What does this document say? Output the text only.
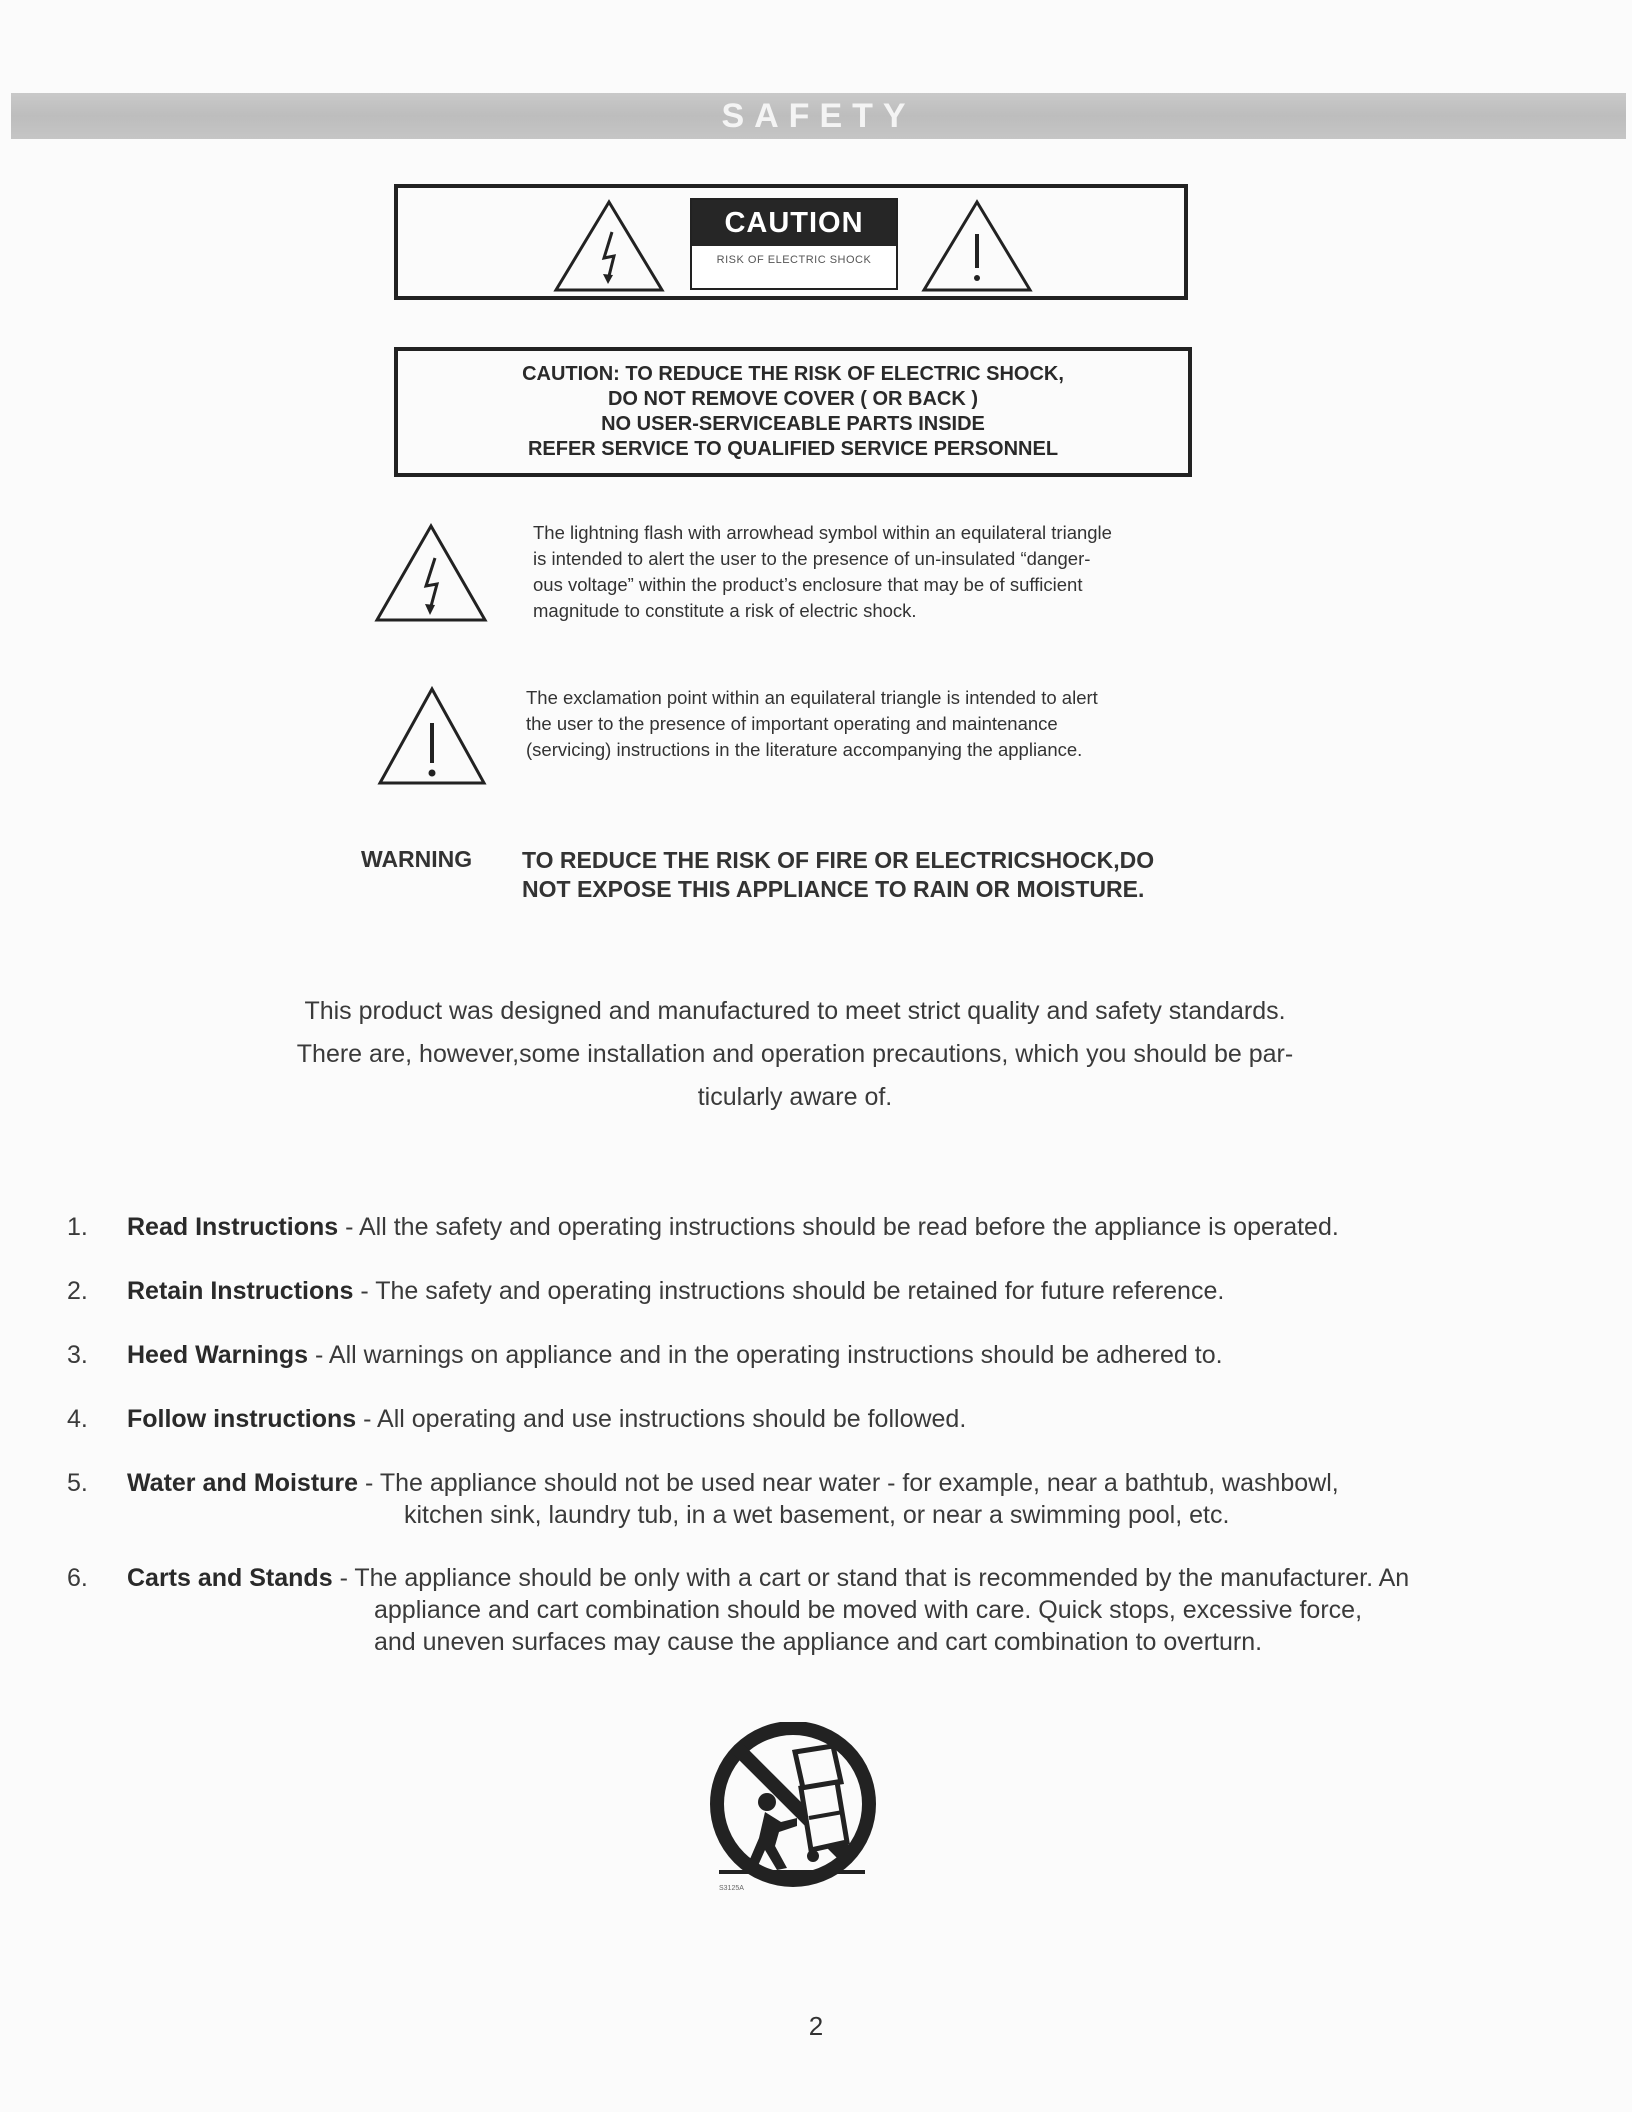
SAFETY
CAUTION
RISK OF ELECTRIC SHOCK
CAUTION: TO REDUCE THE RISK OF ELECTRIC SHOCK,
DO NOT REMOVE COVER ( OR BACK )
NO USER-SERVICEABLE PARTS INSIDE
REFER SERVICE TO QUALIFIED SERVICE PERSONNEL
The lightning flash with arrowhead symbol within an equilateral triangle
is intended to alert the user to the presence of un-insulated “danger-
ous voltage” within the product’s enclosure that may be of sufficient
magnitude to constitute a risk of electric shock.
The exclamation point within an equilateral triangle is intended to alert
the user to the presence of important operating and maintenance
(servicing) instructions in the literature accompanying the appliance.
WARNING TO REDUCE THE RISK OF FIRE OR ELECTRICSHOCK,DO
NOT EXPOSE THIS APPLIANCE TO RAIN OR MOISTURE.
This product was designed and manufactured to meet strict quality and safety standards.
There are, however,some installation and operation precautions, which you should be par-
ticularly aware of.
1. Read Instructions - All the safety and operating instructions should be read before the appliance is operated.
2. Retain Instructions - The safety and operating instructions should be retained for future reference.
3. Heed Warnings - All warnings on appliance and in the operating instructions should be adhered to.
4. Follow instructions - All operating and use instructions should be followed.
5. Water and Moisture - The appliance should not be used near water - for example, near a bathtub, washbowl,
kitchen sink, laundry tub, in a wet basement, or near a swimming pool, etc.
6. Carts and Stands - The appliance should be only with a cart or stand that is recommended by the manufacturer. An
appliance and cart combination should be moved with care. Quick stops, excessive force,
and uneven surfaces may cause the appliance and cart combination to overturn.
S3125A
2
